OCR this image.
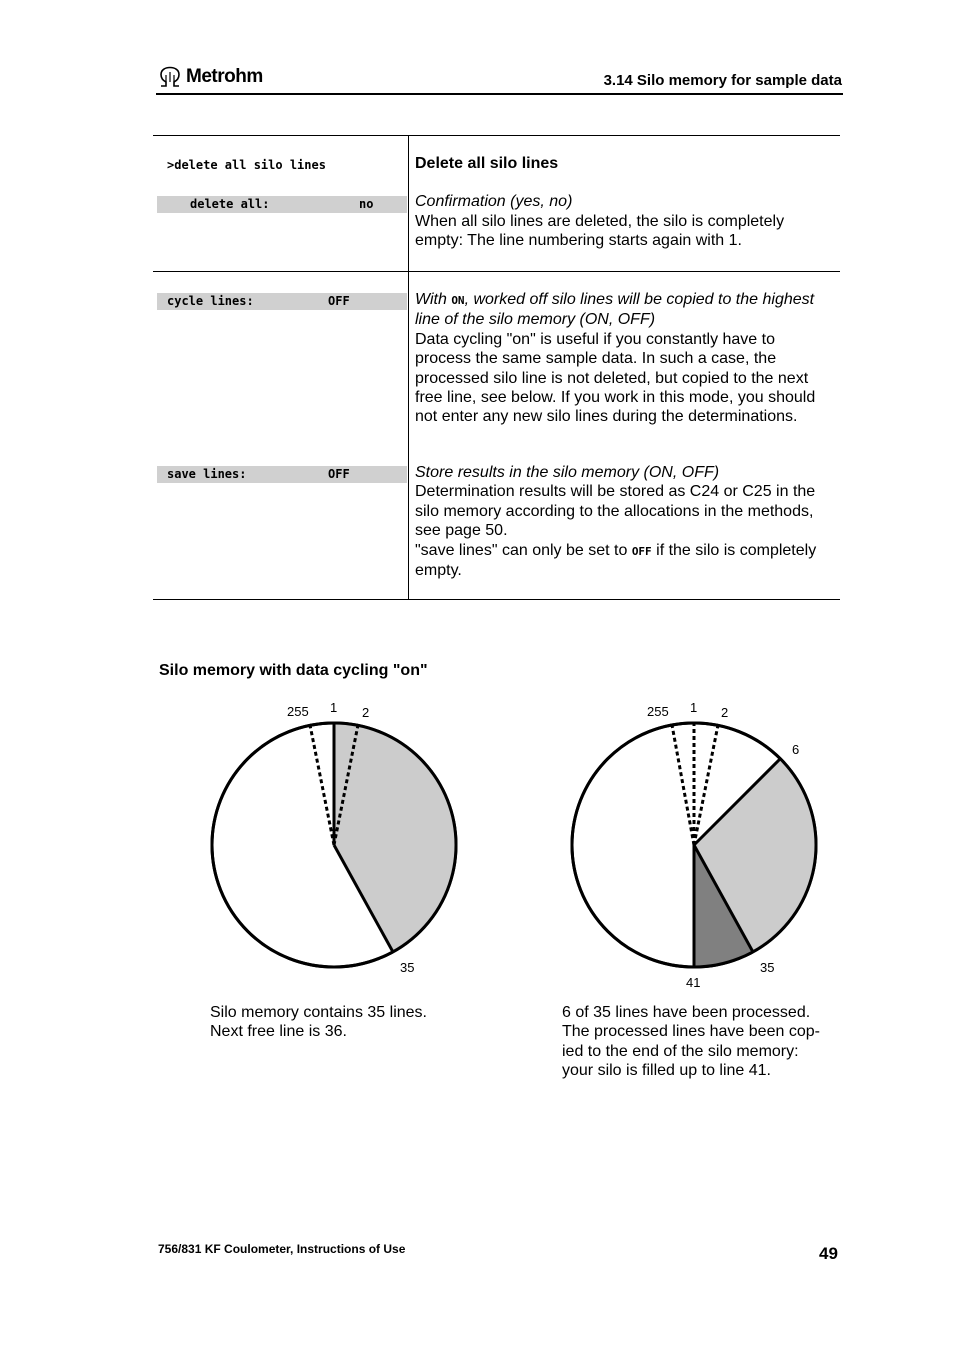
Metrohm	3.14 Silo memory for sample data
>delete all silo lines
delete all:	no
Delete all silo lines
Confirmation (yes, no)
When all silo lines are deleted, the silo is completely empty: The line numbering starts again with 1.
cycle lines:	OFF	With ON, worked off silo lines will be copied to the highest line of the silo memory (ON, OFF)
Data cycling "on" is useful if you constantly have to process the same sample data. In such a case, the processed silo line is not deleted, but copied to the next free line, see below. If you work in this mode, you should not enter any new silo lines during the determinations.
save lines:	OFF	Store results in the silo memory (ON, OFF)
Determination results will be stored as C24 or C25 in the silo memory according to the allocations in the methods, see page 50.
"save lines" can only be set to OFF if the silo is completely empty.
Silo memory with data cycling "on"
255 1 2
35
255 1 2
6
35
41
Silo memory contains 35 lines.
Next free line is 36.
6 of 35 lines have been processed.
The processed lines have been cop-
ied to the end of the silo memory:
your silo is filled up to line 41.
756/831 KF Coulometer, Instructions of Use	49
